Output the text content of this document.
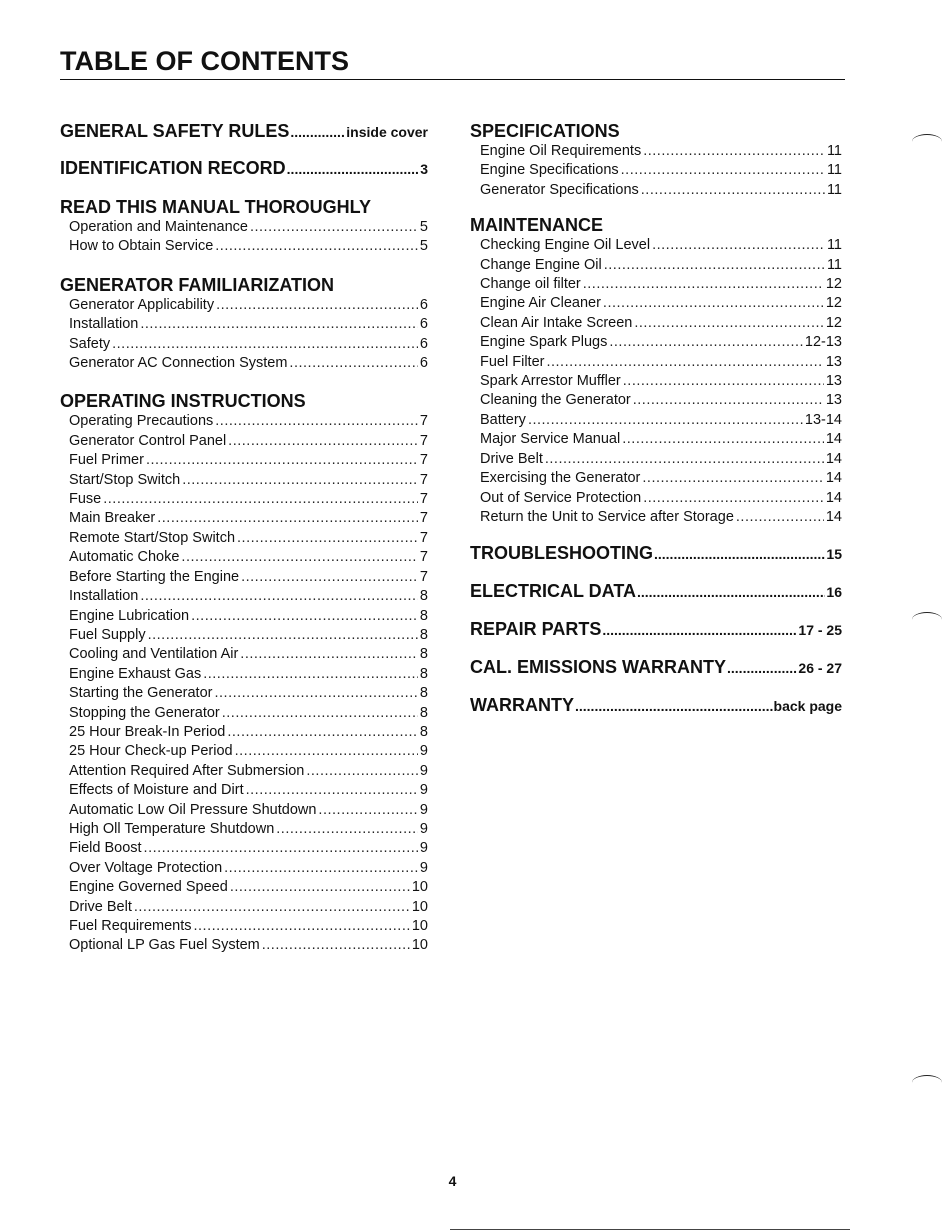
TABLE OF CONTENTS
GENERAL SAFETY RULES .....	inside cover
IDENTIFICATION RECORD .....	3
READ THIS MANUAL THOROUGHLY
Operation and Maintenance .....	5
How to Obtain Service .....	5
GENERATOR FAMILIARIZATION
Generator Applicability .....	6
Installation .....	6
Safety .....	6
Generator AC Connection System .....	6
OPERATING INSTRUCTIONS
Operating Precautions .....	7
Generator Control Panel .....	7
Fuel Primer .....	7
Start/Stop Switch .....	7
Fuse .....	7
Main Breaker .....	7
Remote Start/Stop Switch .....	7
Automatic Choke .....	7
Before Starting the Engine .....	7
Installation .....	8
Engine Lubrication .....	8
Fuel Supply .....	8
Cooling and Ventilation Air .....	8
Engine Exhaust Gas .....	8
Starting the Generator .....	8
Stopping the Generator .....	8
25 Hour Break-In Period .....	8
25 Hour Check-up Period .....	9
Attention Required After Submersion .....	9
Effects of Moisture and Dirt .....	9
Automatic Low Oil Pressure Shutdown .....	9
High Oll Temperature Shutdown .....	9
Field Boost .....	9
Over Voltage Protection .....	9
Engine Governed Speed .....	10
Drive Belt .....	10
Fuel Requirements .....	10
Optional LP Gas Fuel System .....	10
SPECIFICATIONS
Engine Oil Requirements .....	11
Engine Specifications .....	11
Generator Specifications .....	11
MAINTENANCE
Checking Engine Oil Level .....	11
Change Engine Oil .....	11
Change oil filter .....	12
Engine Air Cleaner .....	12
Clean Air Intake Screen .....	12
Engine Spark Plugs .....	12-13
Fuel Filter .....	13
Spark Arrestor Muffler .....	13
Cleaning the Generator .....	13
Battery .....	13-14
Major Service Manual .....	14
Drive Belt .....	14
Exercising the Generator .....	14
Out of Service Protection .....	14
Return the Unit to Service after Storage .....	14
TROUBLESHOOTING .....	15
ELECTRICAL DATA .....	16
REPAIR PARTS .....	17 - 25
CAL. EMISSIONS WARRANTY .....	26 - 27
WARRANTY .....	back page
4
